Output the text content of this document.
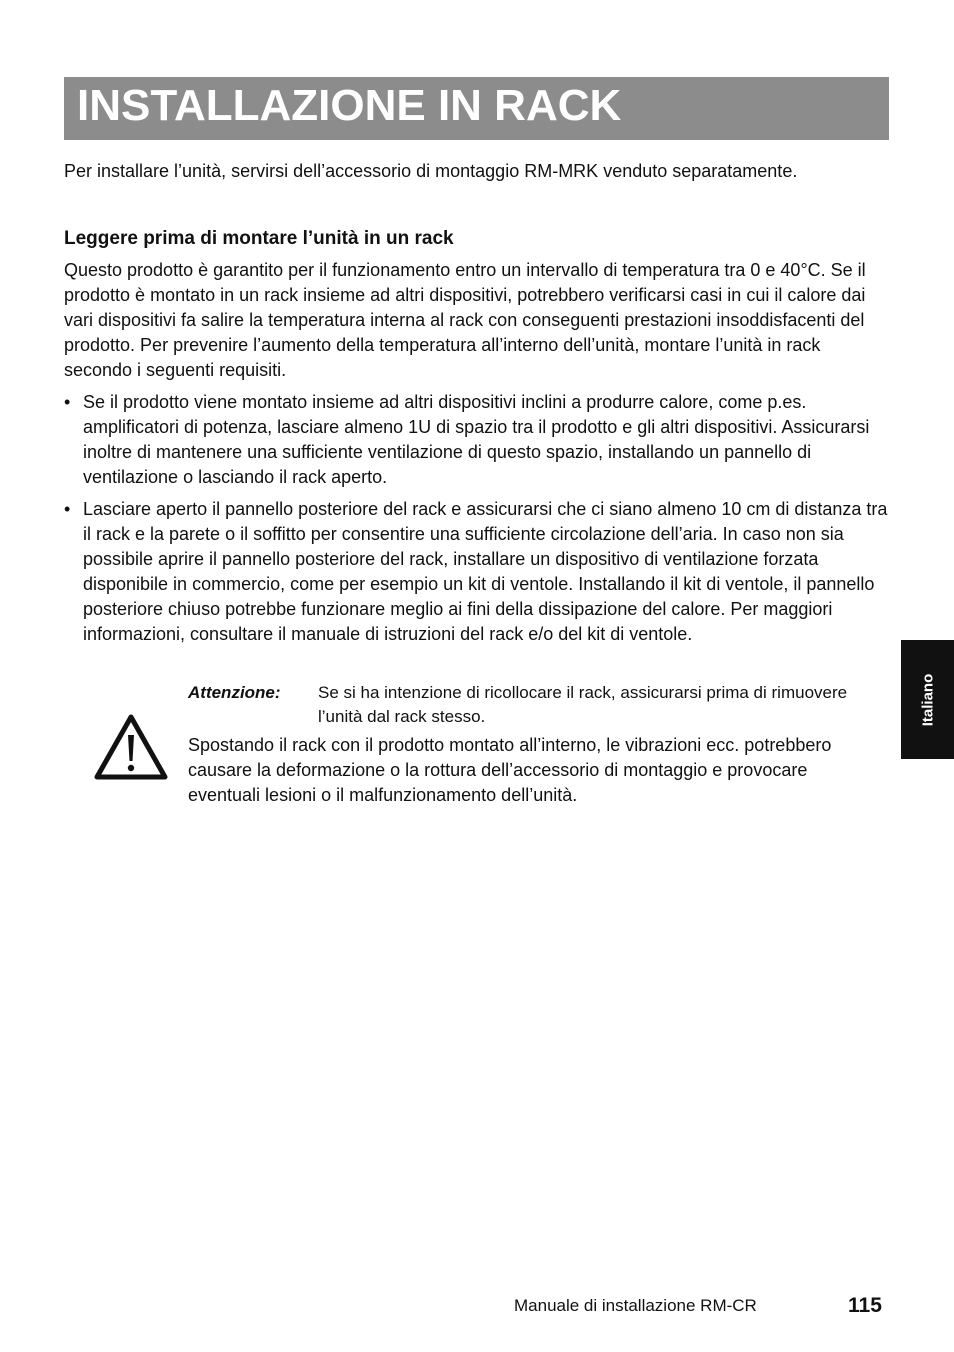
INSTALLAZIONE IN RACK

Per installare l’unità, servirsi dell’accessorio di montaggio RM-MRK venduto separatamente.

Leggere prima di montare l’unità in un rack

Questo prodotto è garantito per il funzionamento entro un intervallo di temperatura tra 0 e 40°C. Se il prodotto è montato in un rack insieme ad altri dispositivi, potrebbero verificarsi casi in cui il calore dai vari dispositivi fa salire la temperatura interna al rack con conseguenti prestazioni insoddisfacenti del prodotto. Per prevenire l’aumento della temperatura all’interno dell’unità, montare l’unità in rack secondo i seguenti requisiti.

• Se il prodotto viene montato insieme ad altri dispositivi inclini a produrre calore, come p.es. amplificatori di potenza, lasciare almeno 1U di spazio tra il prodotto e gli altri dispositivi. Assicurarsi inoltre di mantenere una sufficiente ventilazione di questo spazio, installando un pannello di ventilazione o lasciando il rack aperto.
• Lasciare aperto il pannello posteriore del rack e assicurarsi che ci siano almeno 10 cm di distanza tra il rack e la parete o il soffitto per consentire una sufficiente circolazione dell’aria. In caso non sia possibile aprire il pannello posteriore del rack, installare un dispositivo di ventilazione forzata disponibile in commercio, come per esempio un kit di ventole. Installando il kit di ventole, il pannello posteriore chiuso potrebbe funzionare meglio ai fini della dissipazione del calore. Per maggiori informazioni, consultare il manuale di istruzioni del rack e/o del kit di ventole.
Attenzione: Se si ha intenzione di ricollocare il rack, assicurarsi prima di rimuovere l’unità dal rack stesso.

Spostando il rack con il prodotto montato all’interno, le vibrazioni ecc. potrebbero causare la deformazione o la rottura dell’accessorio di montaggio e provocare eventuali lesioni o il malfunzionamento dell’unità.

Italiano
Manuale di installazione RM-CR	115
